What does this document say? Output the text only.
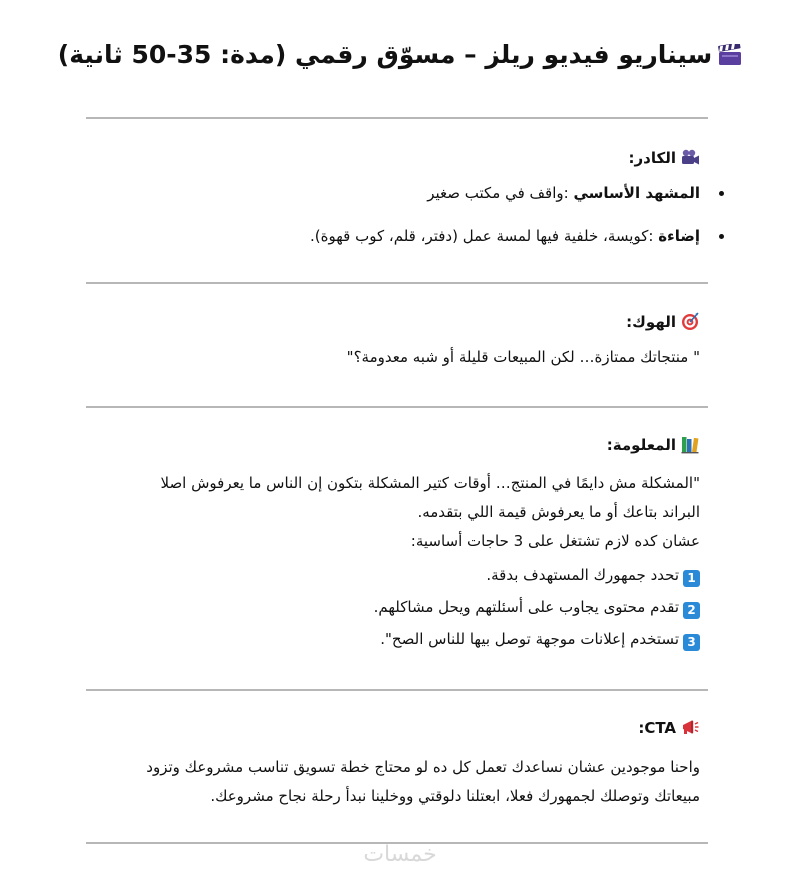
سيناريو فيديو ريلز – مسوّق رقمي (مدة: 35-50 ثانية)
الكادر:
المشهد الأساسي :واقف في مكتب صغير
إضاءة :كويسة، خلفية فيها لمسة عمل (دفتر، قلم، كوب قهوة).
الهوك:
" منتجاتك ممتازة… لكن المبيعات قليلة أو شبه معدومة؟"
المعلومة:
"المشكلة مش دايمًا في المنتج… أوقات كتير المشكلة بتكون إن الناس ما يعرفوش اصلا
البراند بتاعك أو ما يعرفوش قيمة اللي بتقدمه.
عشان كده لازم تشتغل على 3 حاجات أساسية:
1تحدد جمهورك المستهدف بدقة.
2تقدم محتوى يجاوب على أسئلتهم ويحل مشاكلهم.
3تستخدم إعلانات موجهة توصل بيها للناس الصح".
CTA:
واحنا موجودين عشان نساعدك تعمل كل ده لو محتاج خطة تسويق تناسب مشروعك وتزود
مبيعاتك وتوصلك لجمهورك فعلا، ابعتلنا دلوقتي ووخلينا نبدأ رحلة نجاح مشروعك.
خمسات
